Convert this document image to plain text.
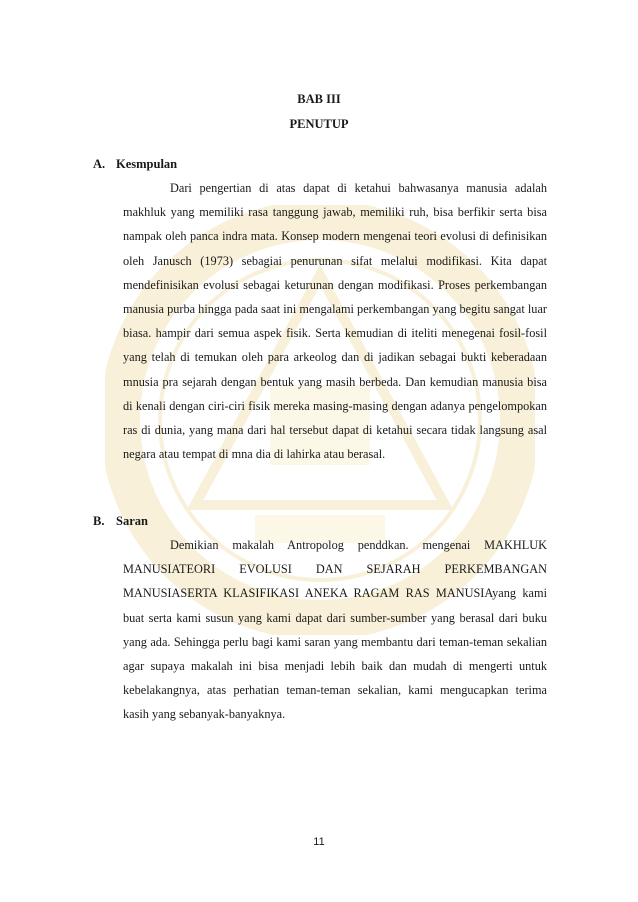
BAB III
PENUTUP
A. Kesmpulan

Dari pengertian di atas dapat di ketahui bahwasanya manusia adalah makhluk yang memiliki rasa tanggung jawab, memiliki ruh, bisa berfikir serta bisa nampak oleh panca indra mata. Konsep modern mengenai teori evolusi di definisikan oleh Janusch (1973) sebagiai penurunan sifat melalui modifikasi. Kita dapat mendefinisikan evolusi sebagai keturunan dengan modifikasi. Proses perkembangan manusia purba hingga pada saat ini mengalami perkembangan yang begitu sangat luar biasa. hampir dari semua aspek fisik. Serta kemudian di iteliti menegenai fosil-fosil yang telah di temukan oleh para arkeolog dan di jadikan sebagai bukti keberadaan mnusia pra sejarah dengan bentuk yang masih berbeda. Dan kemudian manusia bisa di kenali dengan ciri-ciri fisik mereka masing-masing dengan adanya pengelompokan ras di dunia, yang mana dari hal tersebut dapat di ketahui secara tidak langsung asal negara atau tempat di mna dia di lahirka atau berasal.

B. Saran

Demikian makalah Antropolog penddkan. mengenai MAKHLUK MANUSIATEORI EVOLUSI DAN SEJARAH PERKEMBANGAN MANUSIASERTA KLASIFIKASI ANEKA RAGAM RAS MANUSIAyang kami buat serta kami susun yang kami dapat dari sumber-sumber yang berasal dari buku yang ada. Sehingga perlu bagi kami saran yang membantu dari teman-teman sekalian agar supaya makalah ini bisa menjadi lebih baik dan mudah di mengerti untuk kebelakangnya, atas perhatian teman-teman sekalian, kami mengucapkan terima kasih yang sebanyak-banyaknya.

11
